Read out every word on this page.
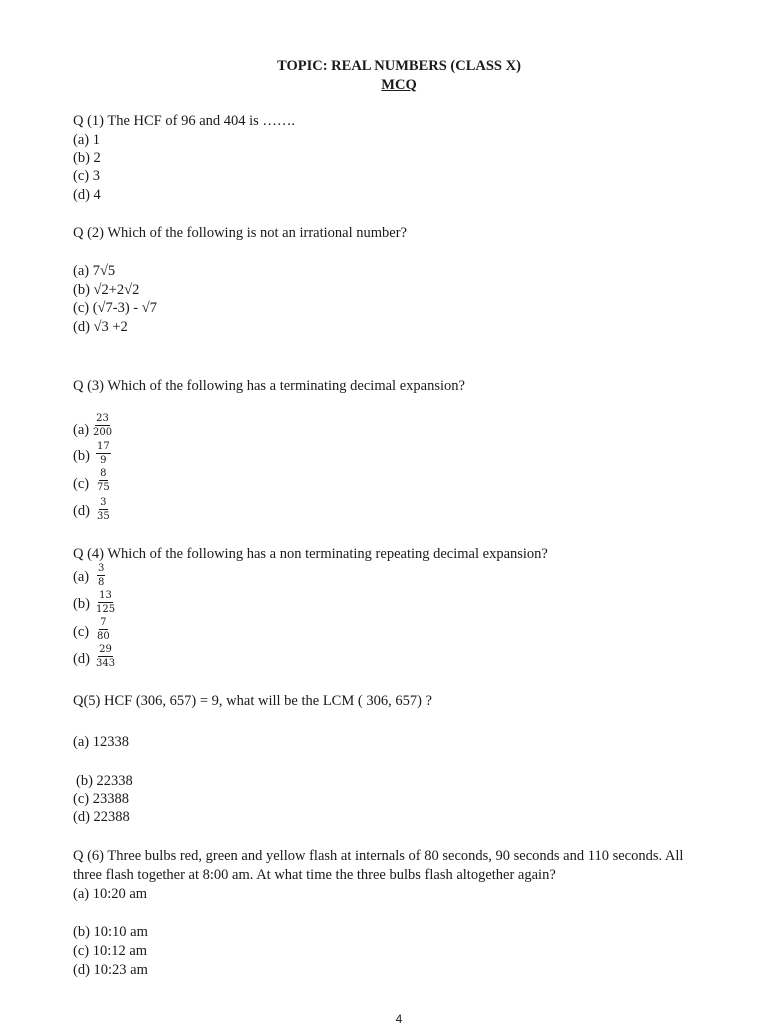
TOPIC: REAL NUMBERS (CLASS X)
MCQ
Q (1) The HCF of 96 and 404 is …….
(a) 1
(b) 2
(c) 3
(d) 4
Q (2) Which of the following is not an irrational number?
(a) 7√5
(b) √2+2√2
(c) (√7-3) - √7
(d) √3 +2
Q (3) Which of the following has a terminating decimal expansion?
$(a) \frac{23}{200}$
$(b) \frac{17}{9}$
$(c) \frac{8}{75}$
$(d) \frac{3}{35}$
Q (4) Which of the following has a non terminating repeating decimal expansion?
$(a) \frac{3}{8}$
$(b) \frac{13}{125}$
$(c) \frac{7}{80}$
$(d) \frac{29}{343}$
Q(5) HCF (306, 657) = 9, what will be the LCM ( 306, 657) ?
(a) 12338
(b) 22338
(c) 23388
(d) 22388
Q (6) Three bulbs red, green and yellow flash at internals of 80 seconds, 90 seconds and 110 seconds. All
three flash together at 8:00 am. At what time the three bulbs flash altogether again?
(a) 10:20 am
(b) 10:10 am
(c) 10:12 am
(d) 10:23 am
4
